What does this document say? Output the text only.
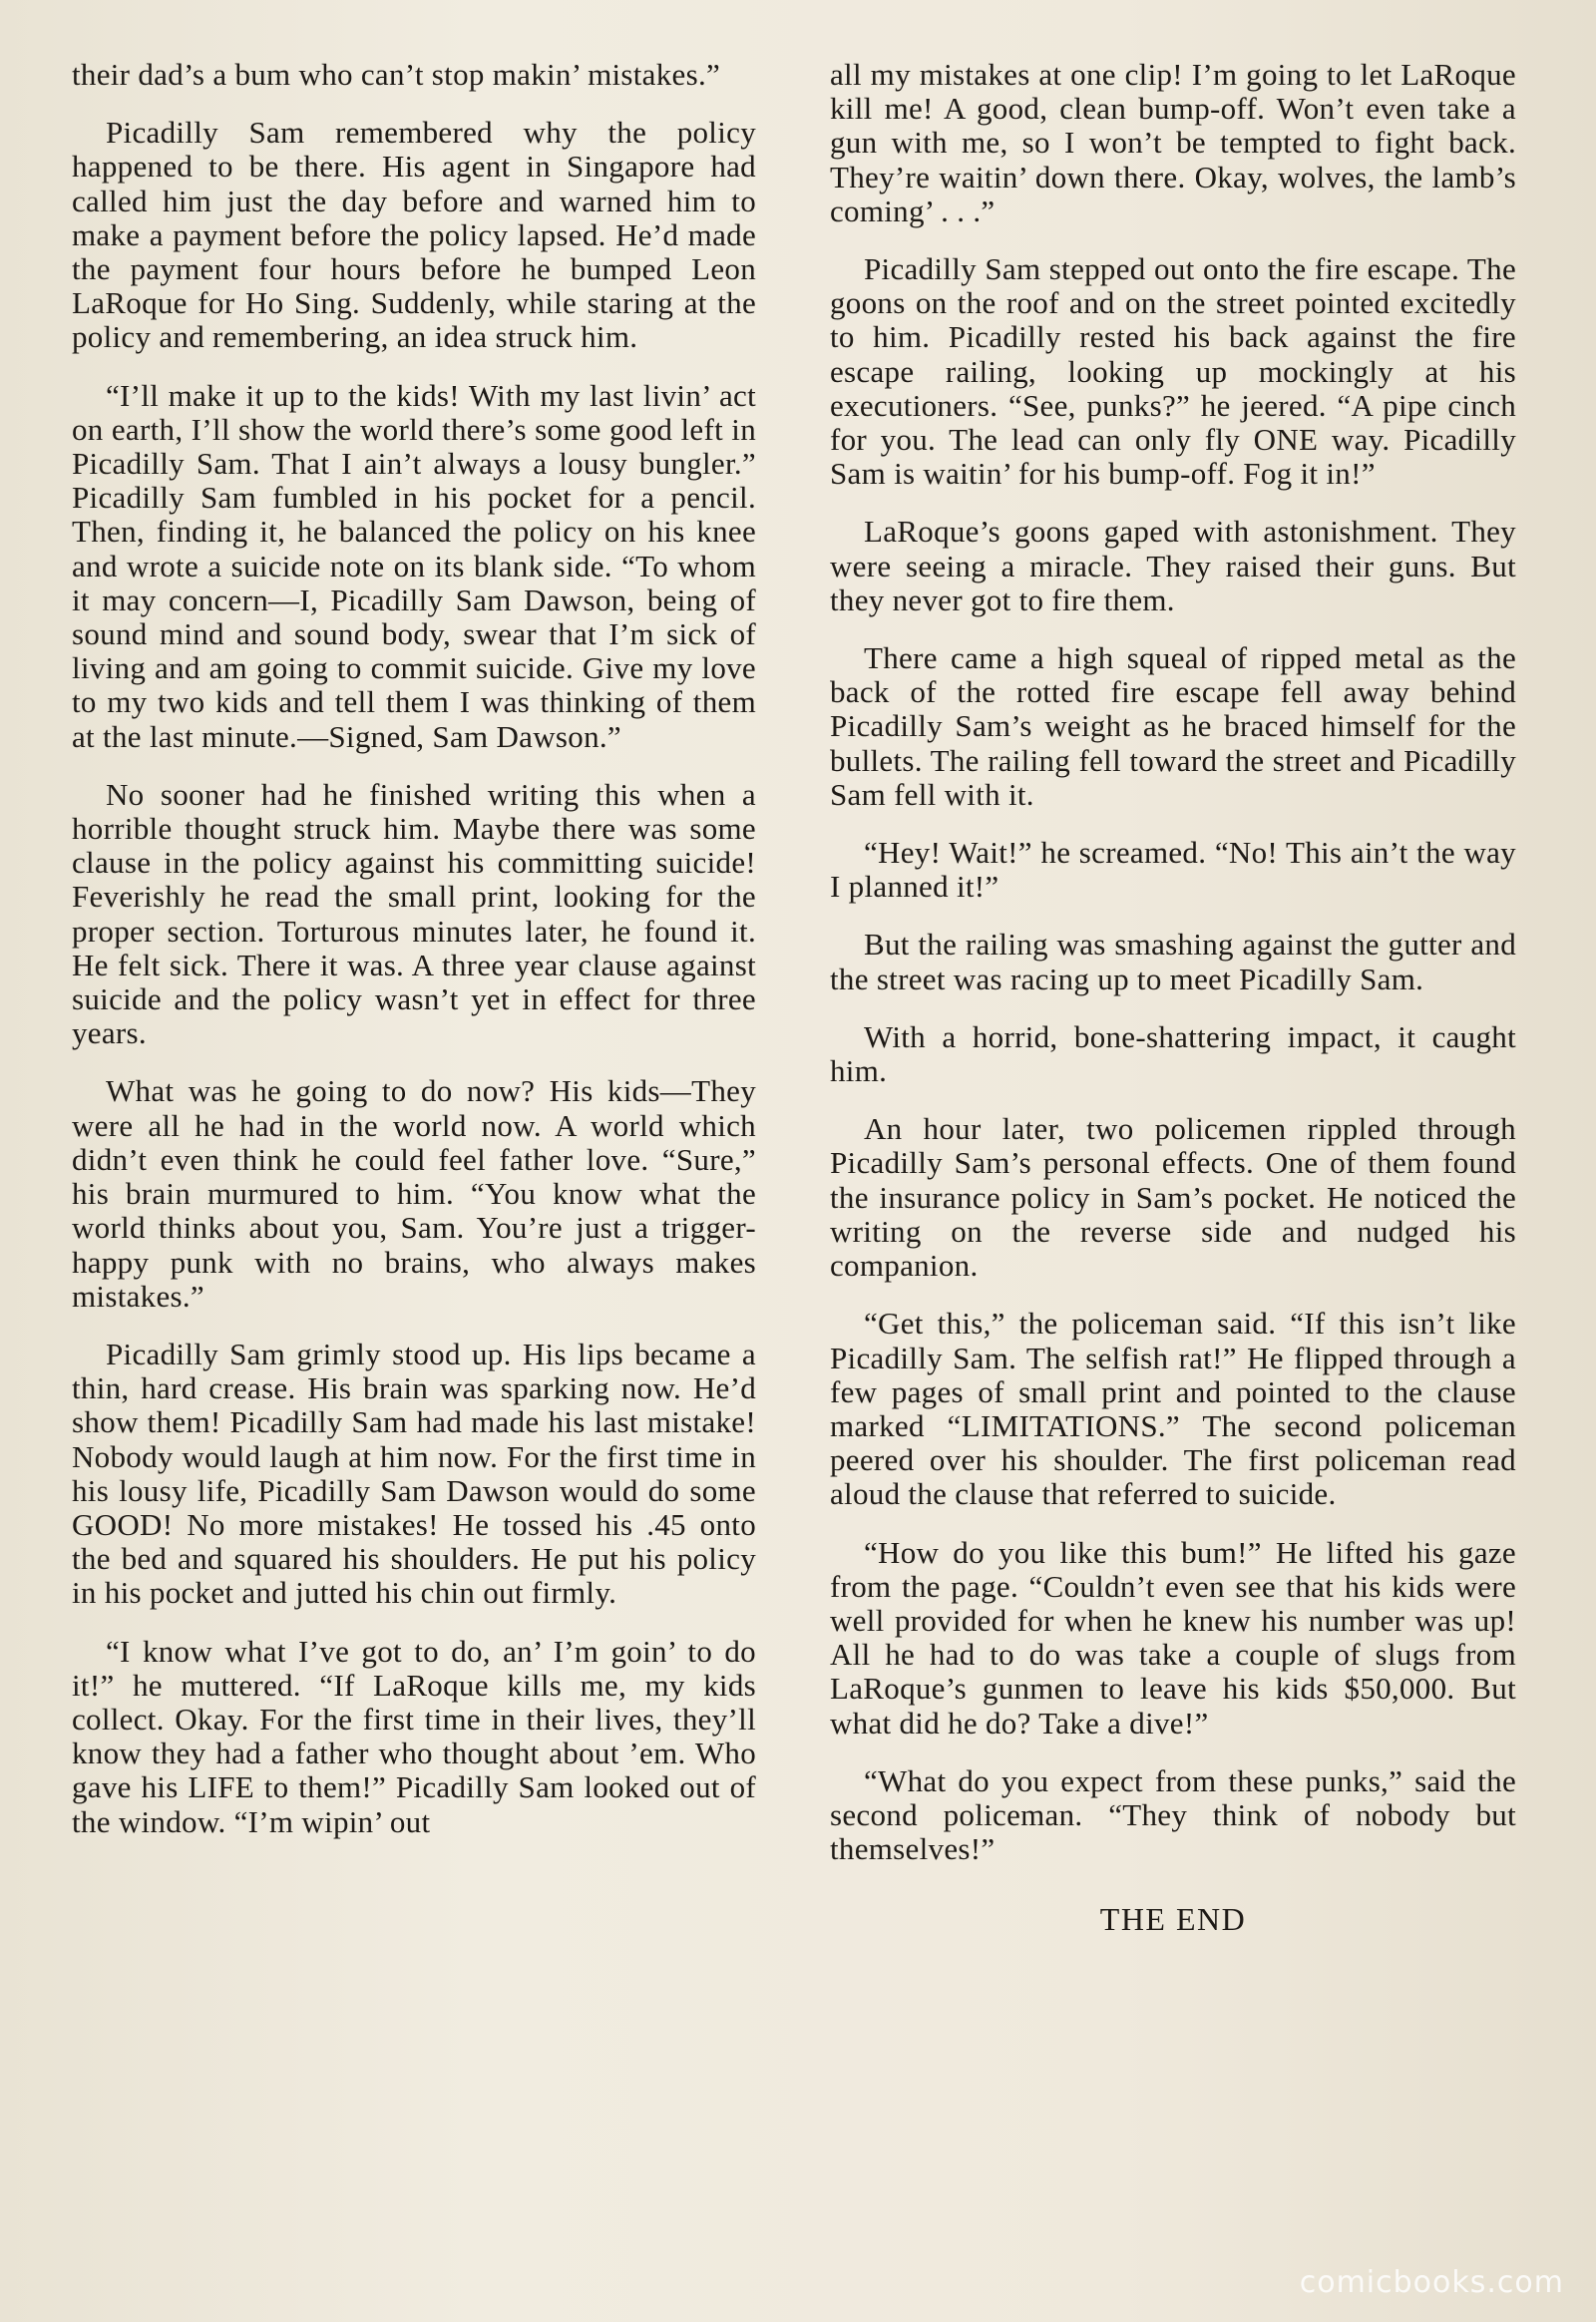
their dad’s a bum who can’t stop makin’ mistakes.”

Picadilly Sam remembered why the policy happened to be there. His agent in Singapore had called him just the day before and warned him to make a payment before the policy lapsed. He’d made the payment four hours before he bumped Leon LaRoque for Ho Sing. Suddenly, while staring at the policy and remembering, an idea struck him.

“I’ll make it up to the kids! With my last livin’ act on earth, I’ll show the world there’s some good left in Picadilly Sam. That I ain’t always a lousy bungler.” Picadilly Sam fumbled in his pocket for a pencil. Then, finding it, he balanced the policy on his knee and wrote a suicide note on its blank side. “To whom it may concern—I, Picadilly Sam Dawson, being of sound mind and sound body, swear that I’m sick of living and am going to commit suicide. Give my love to my two kids and tell them I was thinking of them at the last minute.—Signed, Sam Dawson.”

No sooner had he finished writing this when a horrible thought struck him. Maybe there was some clause in the policy against his committing suicide! Feverishly he read the small print, looking for the proper section. Torturous minutes later, he found it. He felt sick. There it was. A three year clause against suicide and the policy wasn’t yet in effect for three years.

What was he going to do now? His kids—They were all he had in the world now. A world which didn’t even think he could feel father love. “Sure,” his brain murmured to him. “You know what the world thinks about you, Sam. You’re just a trigger-happy punk with no brains, who always makes mistakes.”

Picadilly Sam grimly stood up. His lips became a thin, hard crease. His brain was sparking now. He’d show them! Picadilly Sam had made his last mistake! Nobody would laugh at him now. For the first time in his lousy life, Picadilly Sam Dawson would do some GOOD! No more mistakes! He tossed his .45 onto the bed and squared his shoulders. He put his policy in his pocket and jutted his chin out firmly.

“I know what I’ve got to do, an’ I’m goin’ to do it!” he muttered. “If LaRoque kills me, my kids collect. Okay. For the first time in their lives, they’ll know they had a father who thought about ’em. Who gave his LIFE to them!” Picadilly Sam looked out of the window. “I’m wipin’ out

all my mistakes at one clip! I’m going to let LaRoque kill me! A good, clean bump-off. Won’t even take a gun with me, so I won’t be tempted to fight back. They’re waitin’ down there. Okay, wolves, the lamb’s coming’ . . .”

Picadilly Sam stepped out onto the fire escape. The goons on the roof and on the street pointed excitedly to him. Picadilly rested his back against the fire escape railing, looking up mockingly at his executioners. “See, punks?” he jeered. “A pipe cinch for you. The lead can only fly ONE way. Picadilly Sam is waitin’ for his bump-off. Fog it in!”

LaRoque’s goons gaped with astonishment. They were seeing a miracle. They raised their guns. But they never got to fire them.

There came a high squeal of ripped metal as the back of the rotted fire escape fell away behind Picadilly Sam’s weight as he braced himself for the bullets. The railing fell toward the street and Picadilly Sam fell with it.

“Hey! Wait!” he screamed. “No! This ain’t the way I planned it!”

But the railing was smashing against the gutter and the street was racing up to meet Picadilly Sam.

With a horrid, bone-shattering impact, it caught him.

An hour later, two policemen rippled through Picadilly Sam’s personal effects. One of them found the insurance policy in Sam’s pocket. He noticed the writing on the reverse side and nudged his companion.

“Get this,” the policeman said. “If this isn’t like Picadilly Sam. The selfish rat!” He flipped through a few pages of small print and pointed to the clause marked “LIMITATIONS.” The second policeman peered over his shoulder. The first policeman read aloud the clause that referred to suicide.

“How do you like this bum!” He lifted his gaze from the page. “Couldn’t even see that his kids were well provided for when he knew his number was up! All he had to do was take a couple of slugs from LaRoque’s gunmen to leave his kids $50,000. But what did he do? Take a dive!”

“What do you expect from these punks,” said the second policeman. “They think of nobody but themselves!”

THE END

comicbooks.com
